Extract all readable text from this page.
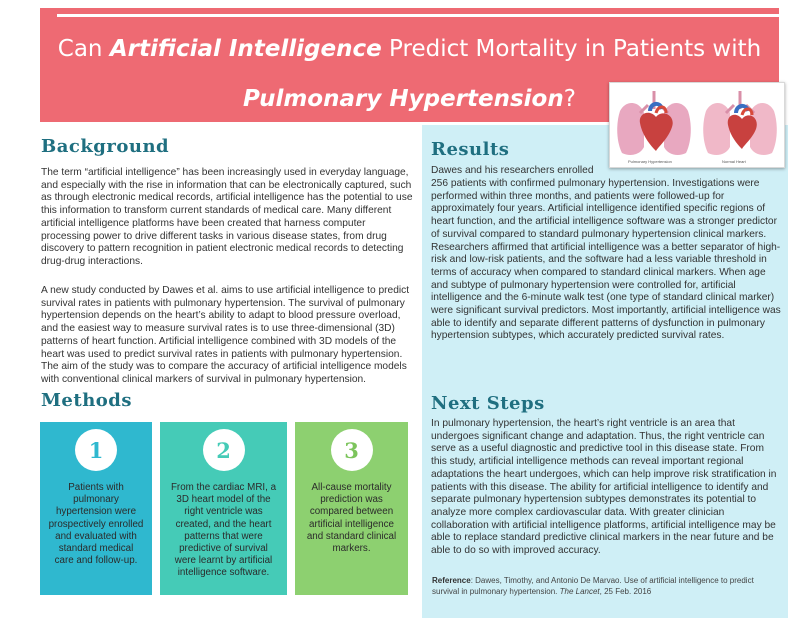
Can Artificial Intelligence Predict Mortality in Patients with
Pulmonary Hypertension?
Pulmonary Hypertension	Normal Heart
Background

The term “artificial intelligence” has been increasingly used in everyday language, and especially with the rise in information that can be electronically captured, such as through electronic medical records, artificial intelligence has the potential to use this information to transform current standards of medical care. Many different artificial intelligence platforms have been created that harness computer processing power to drive different tasks in various disease states, from drug discovery to pattern recognition in patient electronic medical records to detecting drug-drug interactions.

A new study conducted by Dawes et al. aims to use artificial intelligence to predict survival rates in patients with pulmonary hypertension. The survival of pulmonary hypertension depends on the heart’s ability to adapt to blood pressure overload, and the easiest way to measure survival rates is to use three-dimensional (3D) patterns of heart function. Artificial intelligence combined with 3D models of the heart was used to predict survival rates in patients with pulmonary hypertension. The aim of the study was to compare the accuracy of artificial intelligence models with conventional clinical markers of survival in pulmonary hypertension.

Methods
1
Patients with pulmonary hypertension were prospectively enrolled and evaluated with standard medical care and follow-up.
2
From the cardiac MRI, a 3D heart model of the right ventricle was created, and the heart patterns that were predictive of survival were learnt by artificial intelligence software.
3
All-cause mortality prediction was compared between artificial intelligence and standard clinical markers.
Results

Dawes and his researchers enrolled

256 patients with confirmed pulmonary hypertension. Investigations were performed within three months, and patients were followed-up for approximately four years. Artificial intelligence identified specific regions of heart function, and the artificial intelligence software was a stronger predictor of survival compared to standard pulmonary hypertension clinical markers. Researchers affirmed that artificial intelligence was a better separator of high-risk and low-risk patients, and the software had a less variable threshold in terms of accuracy when compared to standard clinical markers. When age and subtype of pulmonary hypertension were controlled for, artificial intelligence and the 6-minute walk test (one type of standard clinical marker) were significant survival predictors. Most importantly, artificial intelligence was able to identify and separate different patterns of dysfunction in pulmonary hypertension subtypes, which accurately predicted survival rates.

Next Steps

In pulmonary hypertension, the heart’s right ventricle is an area that undergoes significant change and adaptation. Thus, the right ventricle can serve as a useful diagnostic and predictive tool in this disease state. From this study, artificial intelligence methods can reveal important regional adaptations the heart undergoes, which can help improve risk stratification in patients with this disease. The ability for artificial intelligence to identify and separate pulmonary hypertension subtypes demonstrates its potential to analyze more complex cardiovascular data. With greater clinician collaboration with artificial intelligence platforms, artificial intelligence may be able to replace standard predictive clinical markers in the near future and be able to do so with improved accuracy.

Reference: Dawes, Timothy, and Antonio De Marvao. Use of artificial intelligence to predict survival in pulmonary hypertension. The Lancet, 25 Feb. 2016
